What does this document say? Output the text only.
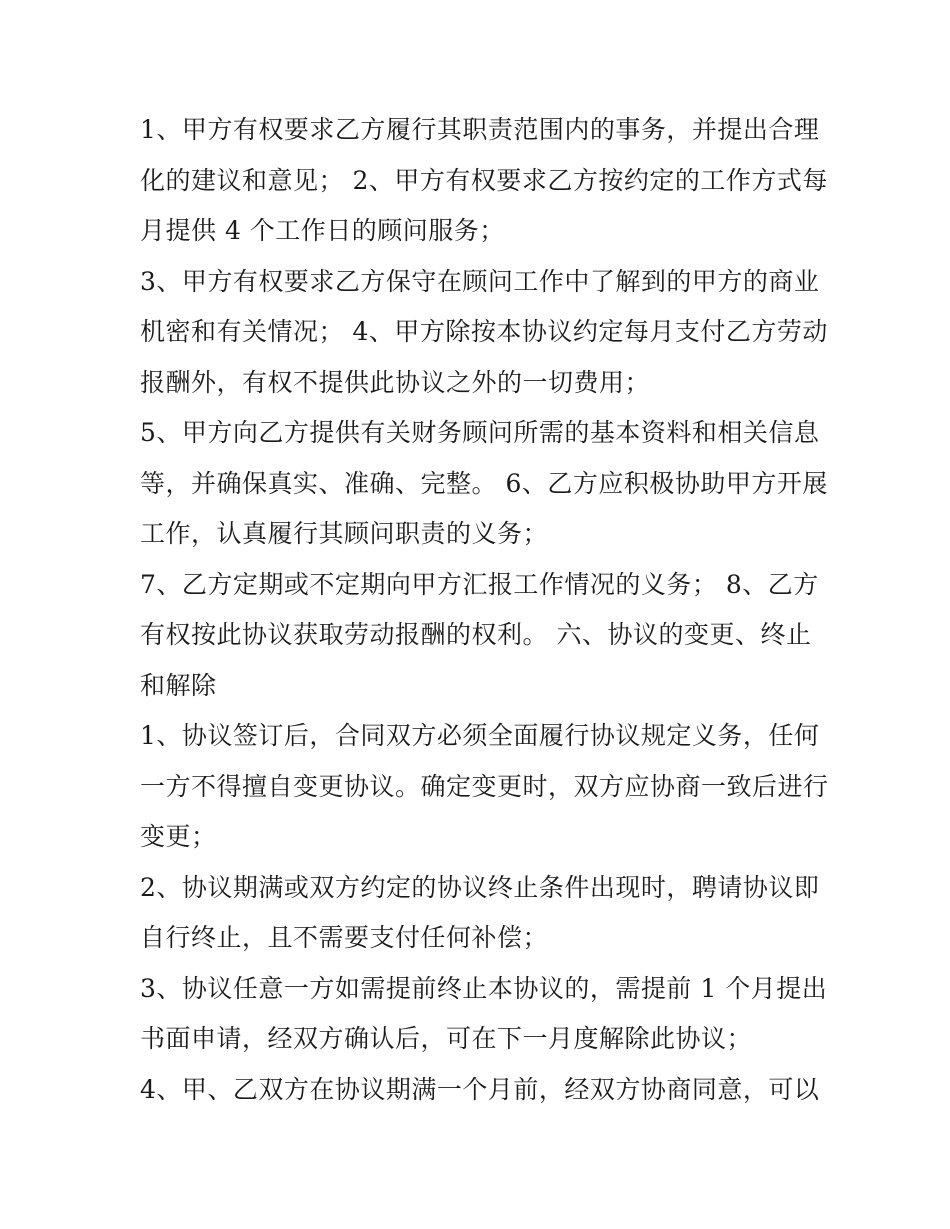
1、甲方有权要求乙方履行其职责范围内的事务，并提出合理
化的建议和意见； 2、甲方有权要求乙方按约定的工作方式每
月提供 4 个工作日的顾问服务；
3、甲方有权要求乙方保守在顾问工作中了解到的甲方的商业
机密和有关情况； 4、甲方除按本协议约定每月支付乙方劳动
报酬外，有权不提供此协议之外的一切费用；
5、甲方向乙方提供有关财务顾问所需的基本资料和相关信息
等，并确保真实、准确、完整。 6、乙方应积极协助甲方开展
工作，认真履行其顾问职责的义务；
7、乙方定期或不定期向甲方汇报工作情况的义务； 8、乙方
有权按此协议获取劳动报酬的权利。 六、协议的变更、终止
和解除
1、协议签订后，合同双方必须全面履行协议规定义务，任何
一方不得擅自变更协议。确定变更时，双方应协商一致后进行
变更；
2、协议期满或双方约定的协议终止条件出现时，聘请协议即
自行终止，且不需要支付任何补偿；
3、协议任意一方如需提前终止本协议的，需提前 1 个月提出
书面申请，经双方确认后，可在下一月度解除此协议；
4、甲、乙双方在协议期满一个月前，经双方协商同意，可以
